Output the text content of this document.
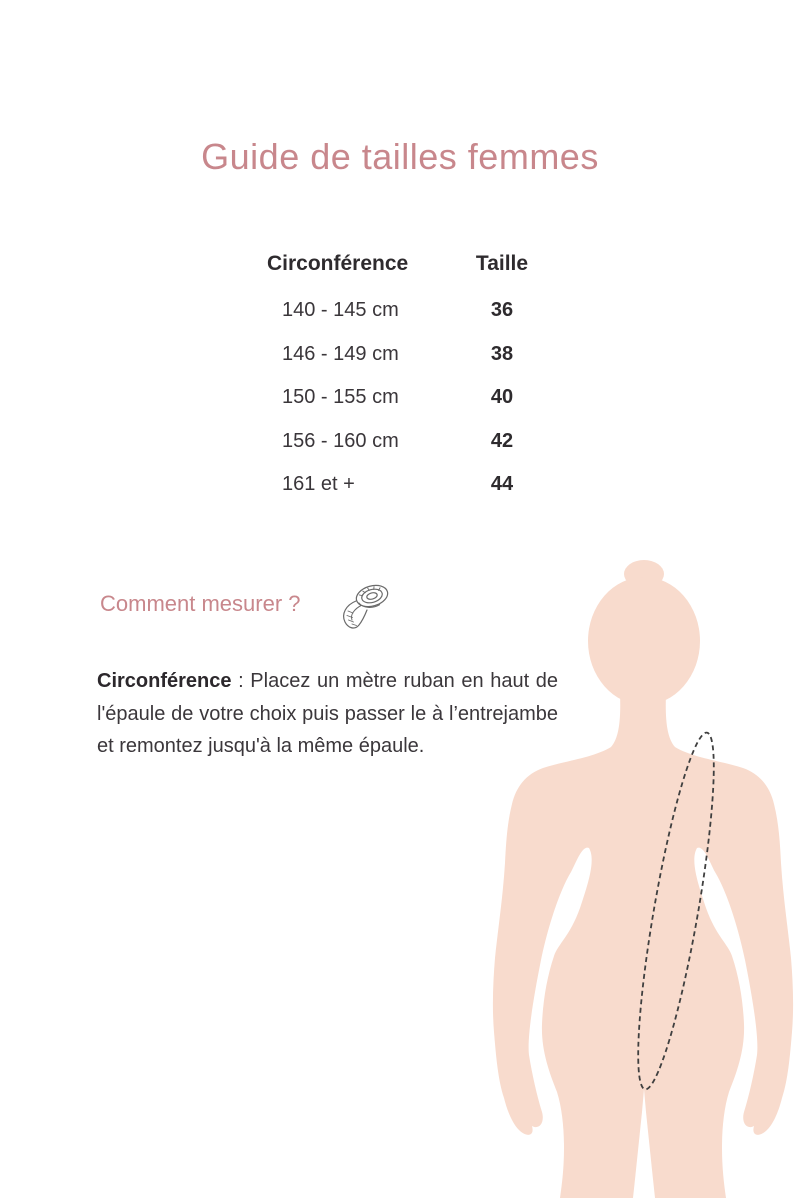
Guide de tailles femmes
Circonférence	Taille
140 - 145 cm	36
146 - 149 cm	38
150 - 155 cm	40
156 - 160 cm	42
161 et +	44
Comment mesurer ?

Circonférence : Placez un mètre ruban en haut de l'épaule de votre choix puis passer le à l’entrejambe et remontez jusqu'à la même épaule.
